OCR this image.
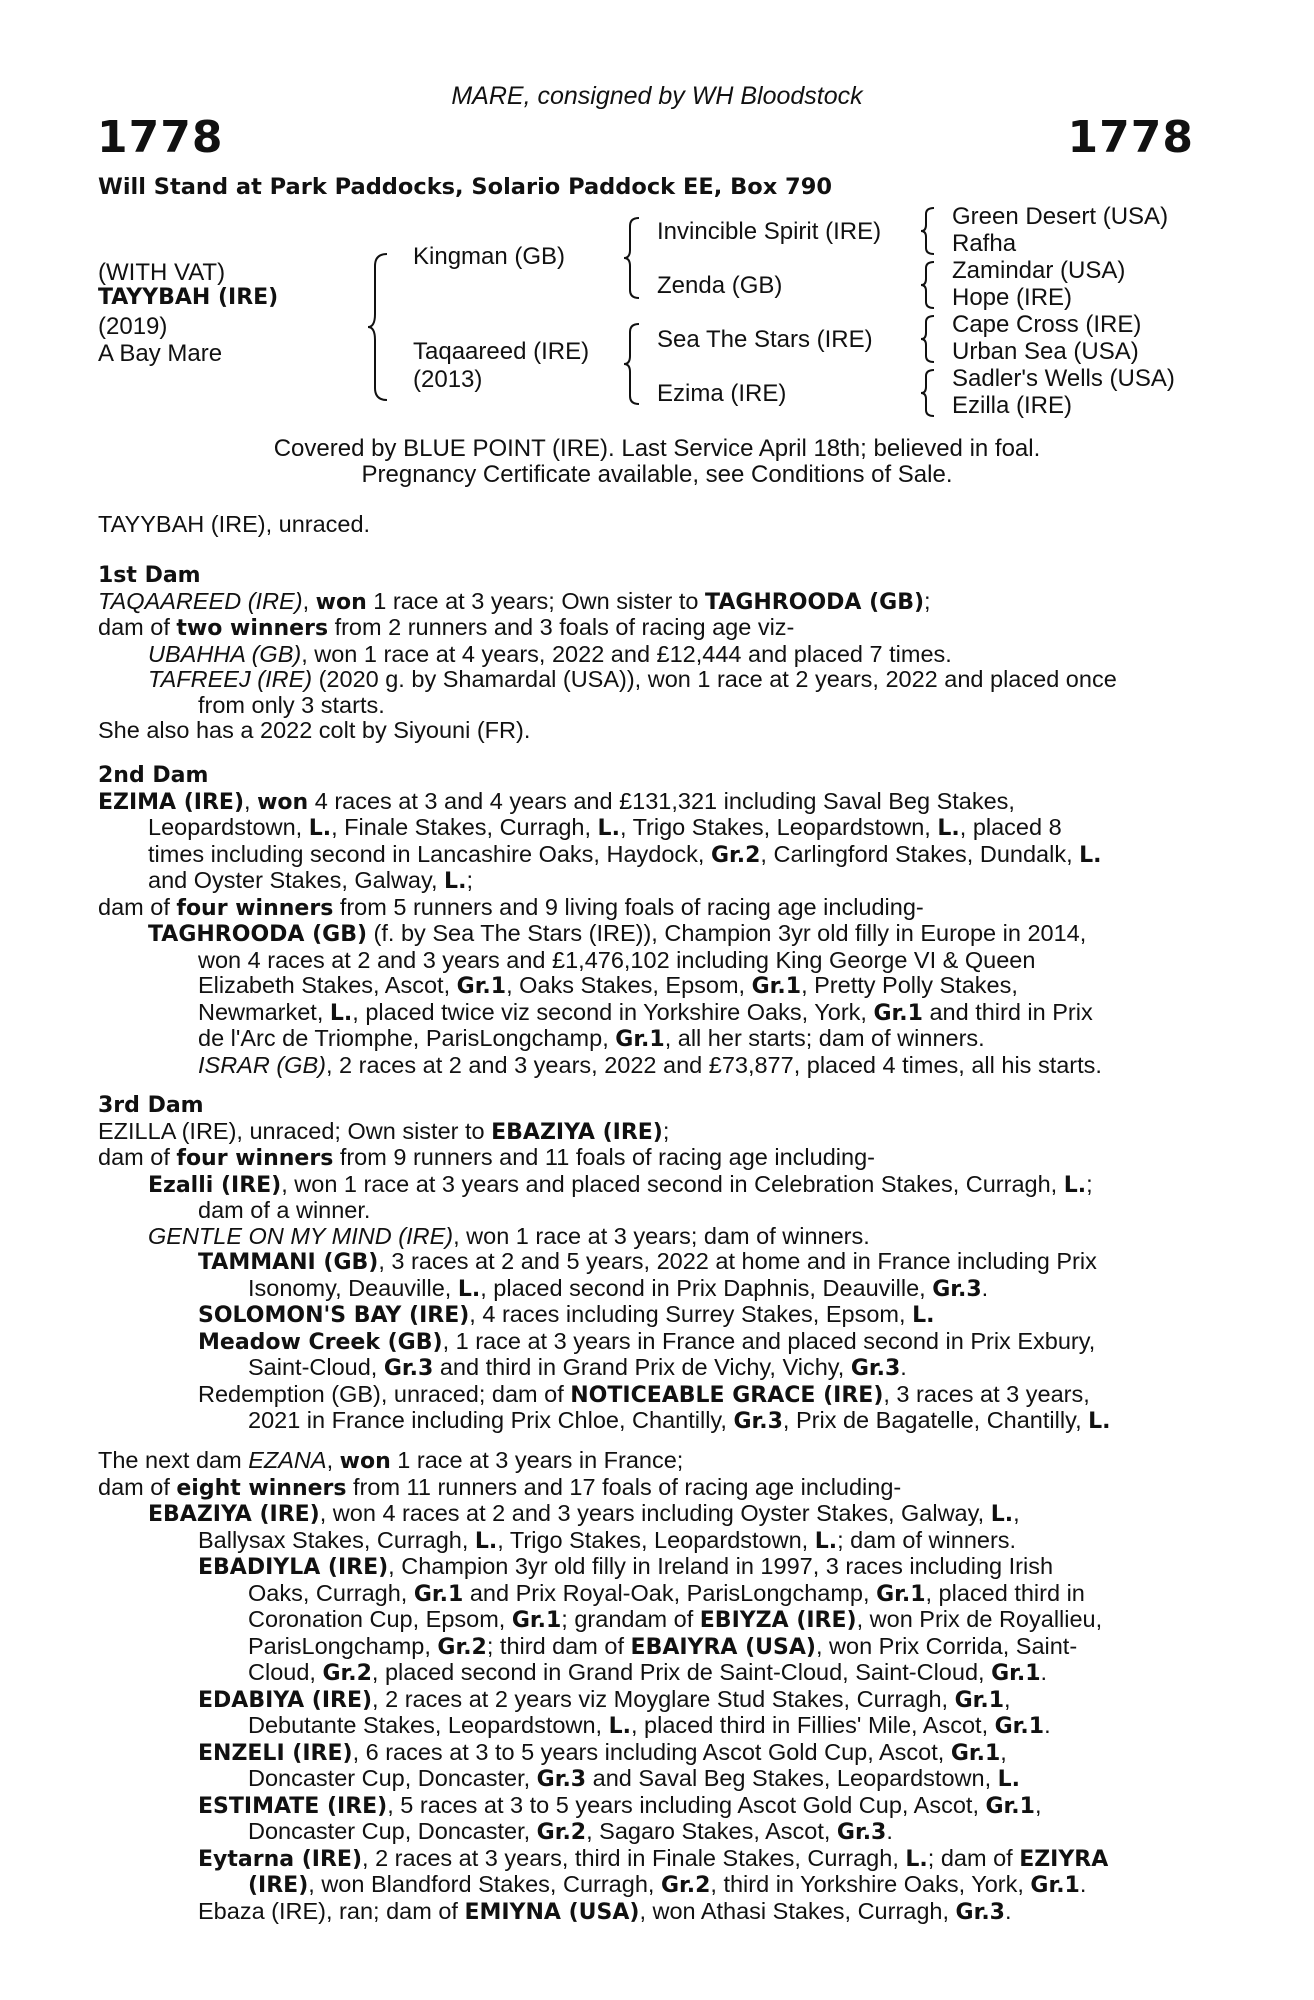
MARE, consigned by WH Bloodstock
1778	1778
Will Stand at Park Paddocks, Solario Paddock EE, Box 790
(WITH VAT)
TAYYBAH (IRE)
(2019)
A Bay Mare
Kingman (GB)
Taqaareed (IRE)
(2013)
Invincible Spirit (IRE)
Zenda (GB)
Sea The Stars (IRE)
Ezima (IRE)
Green Desert (USA)
Rafha
Zamindar (USA)
Hope (IRE)
Cape Cross (IRE)
Urban Sea (USA)
Sadler's Wells (USA)
Ezilla (IRE)
Covered by BLUE POINT (IRE). Last Service April 18th; believed in foal.
Pregnancy Certificate available, see Conditions of Sale.
TAYYBAH (IRE), unraced.
1st Dam
TAQAAREED (IRE), won 1 race at 3 years; Own sister to TAGHROODA (GB);
dam of two winners from 2 runners and 3 foals of racing age viz-
UBAHHA (GB), won 1 race at 4 years, 2022 and £12,444 and placed 7 times.
TAFREEJ (IRE) (2020 g. by Shamardal (USA)), won 1 race at 2 years, 2022 and placed once
from only 3 starts.
She also has a 2022 colt by Siyouni (FR).
2nd Dam
EZIMA (IRE), won 4 races at 3 and 4 years and £131,321 including Saval Beg Stakes,
Leopardstown, L., Finale Stakes, Curragh, L., Trigo Stakes, Leopardstown, L., placed 8
times including second in Lancashire Oaks, Haydock, Gr.2, Carlingford Stakes, Dundalk, L.
and Oyster Stakes, Galway, L.;
dam of four winners from 5 runners and 9 living foals of racing age including-
TAGHROODA (GB) (f. by Sea The Stars (IRE)), Champion 3yr old filly in Europe in 2014,
won 4 races at 2 and 3 years and £1,476,102 including King George VI & Queen
Elizabeth Stakes, Ascot, Gr.1, Oaks Stakes, Epsom, Gr.1, Pretty Polly Stakes,
Newmarket, L., placed twice viz second in Yorkshire Oaks, York, Gr.1 and third in Prix
de l'Arc de Triomphe, ParisLongchamp, Gr.1, all her starts; dam of winners.
ISRAR (GB), 2 races at 2 and 3 years, 2022 and £73,877, placed 4 times, all his starts.
3rd Dam
EZILLA (IRE), unraced; Own sister to EBAZIYA (IRE);
dam of four winners from 9 runners and 11 foals of racing age including-
Ezalli (IRE), won 1 race at 3 years and placed second in Celebration Stakes, Curragh, L.;
dam of a winner.
GENTLE ON MY MIND (IRE), won 1 race at 3 years; dam of winners.
TAMMANI (GB), 3 races at 2 and 5 years, 2022 at home and in France including Prix
Isonomy, Deauville, L., placed second in Prix Daphnis, Deauville, Gr.3.
SOLOMON'S BAY (IRE), 4 races including Surrey Stakes, Epsom, L.
Meadow Creek (GB), 1 race at 3 years in France and placed second in Prix Exbury,
Saint-Cloud, Gr.3 and third in Grand Prix de Vichy, Vichy, Gr.3.
Redemption (GB), unraced; dam of NOTICEABLE GRACE (IRE), 3 races at 3 years,
2021 in France including Prix Chloe, Chantilly, Gr.3, Prix de Bagatelle, Chantilly, L.
The next dam EZANA, won 1 race at 3 years in France;
dam of eight winners from 11 runners and 17 foals of racing age including-
EBAZIYA (IRE), won 4 races at 2 and 3 years including Oyster Stakes, Galway, L.,
Ballysax Stakes, Curragh, L., Trigo Stakes, Leopardstown, L.; dam of winners.
EBADIYLA (IRE), Champion 3yr old filly in Ireland in 1997, 3 races including Irish
Oaks, Curragh, Gr.1 and Prix Royal-Oak, ParisLongchamp, Gr.1, placed third in
Coronation Cup, Epsom, Gr.1; grandam of EBIYZA (IRE), won Prix de Royallieu,
ParisLongchamp, Gr.2; third dam of EBAIYRA (USA), won Prix Corrida, Saint-
Cloud, Gr.2, placed second in Grand Prix de Saint-Cloud, Saint-Cloud, Gr.1.
EDABIYA (IRE), 2 races at 2 years viz Moyglare Stud Stakes, Curragh, Gr.1,
Debutante Stakes, Leopardstown, L., placed third in Fillies' Mile, Ascot, Gr.1.
ENZELI (IRE), 6 races at 3 to 5 years including Ascot Gold Cup, Ascot, Gr.1,
Doncaster Cup, Doncaster, Gr.3 and Saval Beg Stakes, Leopardstown, L.
ESTIMATE (IRE), 5 races at 3 to 5 years including Ascot Gold Cup, Ascot, Gr.1,
Doncaster Cup, Doncaster, Gr.2, Sagaro Stakes, Ascot, Gr.3.
Eytarna (IRE), 2 races at 3 years, third in Finale Stakes, Curragh, L.; dam of EZIYRA
(IRE), won Blandford Stakes, Curragh, Gr.2, third in Yorkshire Oaks, York, Gr.1.
Ebaza (IRE), ran; dam of EMIYNA (USA), won Athasi Stakes, Curragh, Gr.3.
